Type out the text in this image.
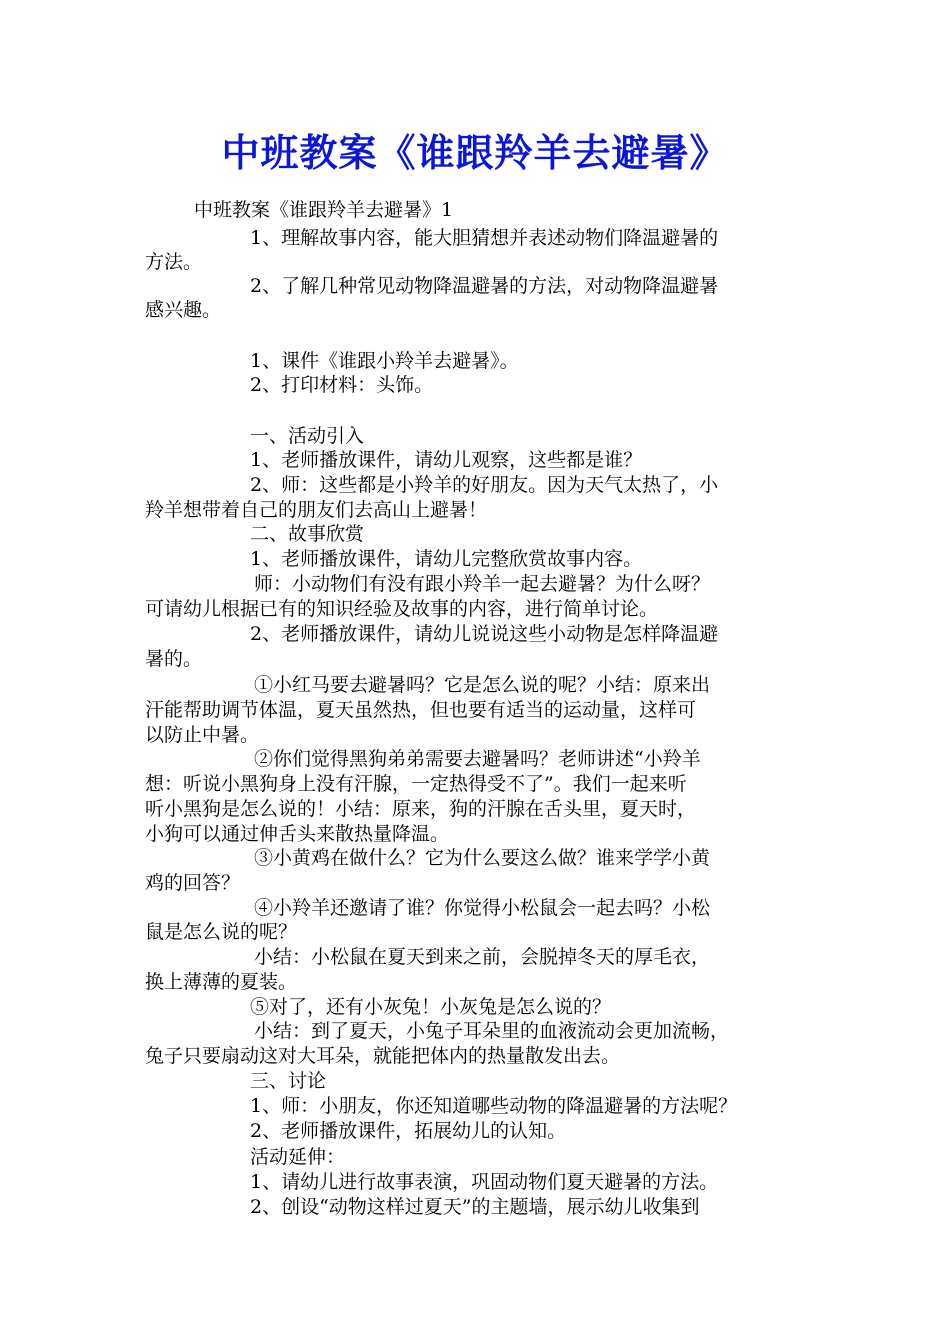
中班教案《谁跟羚羊去避暑》

中班教案《谁跟羚羊去避暑》1

1、理解故事内容，能大胆猜想并表述动物们降温避暑的

方法。

2、了解几种常见动物降温避暑的方法，对动物降温避暑

感兴趣。

1、课件《谁跟小羚羊去避暑》。

2、打印材料：头饰。

一、活动引入

1、老师播放课件，请幼儿观察，这些都是谁？

2、师：这些都是小羚羊的好朋友。因为天气太热了，小

羚羊想带着自己的朋友们去高山上避暑！

二、故事欣赏

1、老师播放课件，请幼儿完整欣赏故事内容。

师：小动物们有没有跟小羚羊一起去避暑？为什么呀？

可请幼儿根据已有的知识经验及故事的内容，进行简单讨论。

2、老师播放课件，请幼儿说说这些小动物是怎样降温避

暑的。

①小红马要去避暑吗？它是怎么说的呢？小结：原来出

汗能帮助调节体温，夏天虽然热，但也要有适当的运动量，这样可

以防止中暑。

②你们觉得黑狗弟弟需要去避暑吗？老师讲述“小羚羊

想：听说小黑狗身上没有汗腺，一定热得受不了”。我们一起来听

听小黑狗是怎么说的！小结：原来，狗的汗腺在舌头里，夏天时，

小狗可以通过伸舌头来散热量降温。

③小黄鸡在做什么？它为什么要这么做？谁来学学小黄

鸡的回答？

④小羚羊还邀请了谁？你觉得小松鼠会一起去吗？小松

鼠是怎么说的呢？

小结：小松鼠在夏天到来之前，会脱掉冬天的厚毛衣，

换上薄薄的夏装。

⑤对了，还有小灰兔！小灰兔是怎么说的？

小结：到了夏天，小兔子耳朵里的血液流动会更加流畅，

兔子只要扇动这对大耳朵，就能把体内的热量散发出去。

三、讨论

1、师：小朋友，你还知道哪些动物的降温避暑的方法呢？

2、老师播放课件，拓展幼儿的认知。

活动延伸：

1、请幼儿进行故事表演，巩固动物们夏天避暑的方法。

2、创设“动物这样过夏天”的主题墙，展示幼儿收集到
